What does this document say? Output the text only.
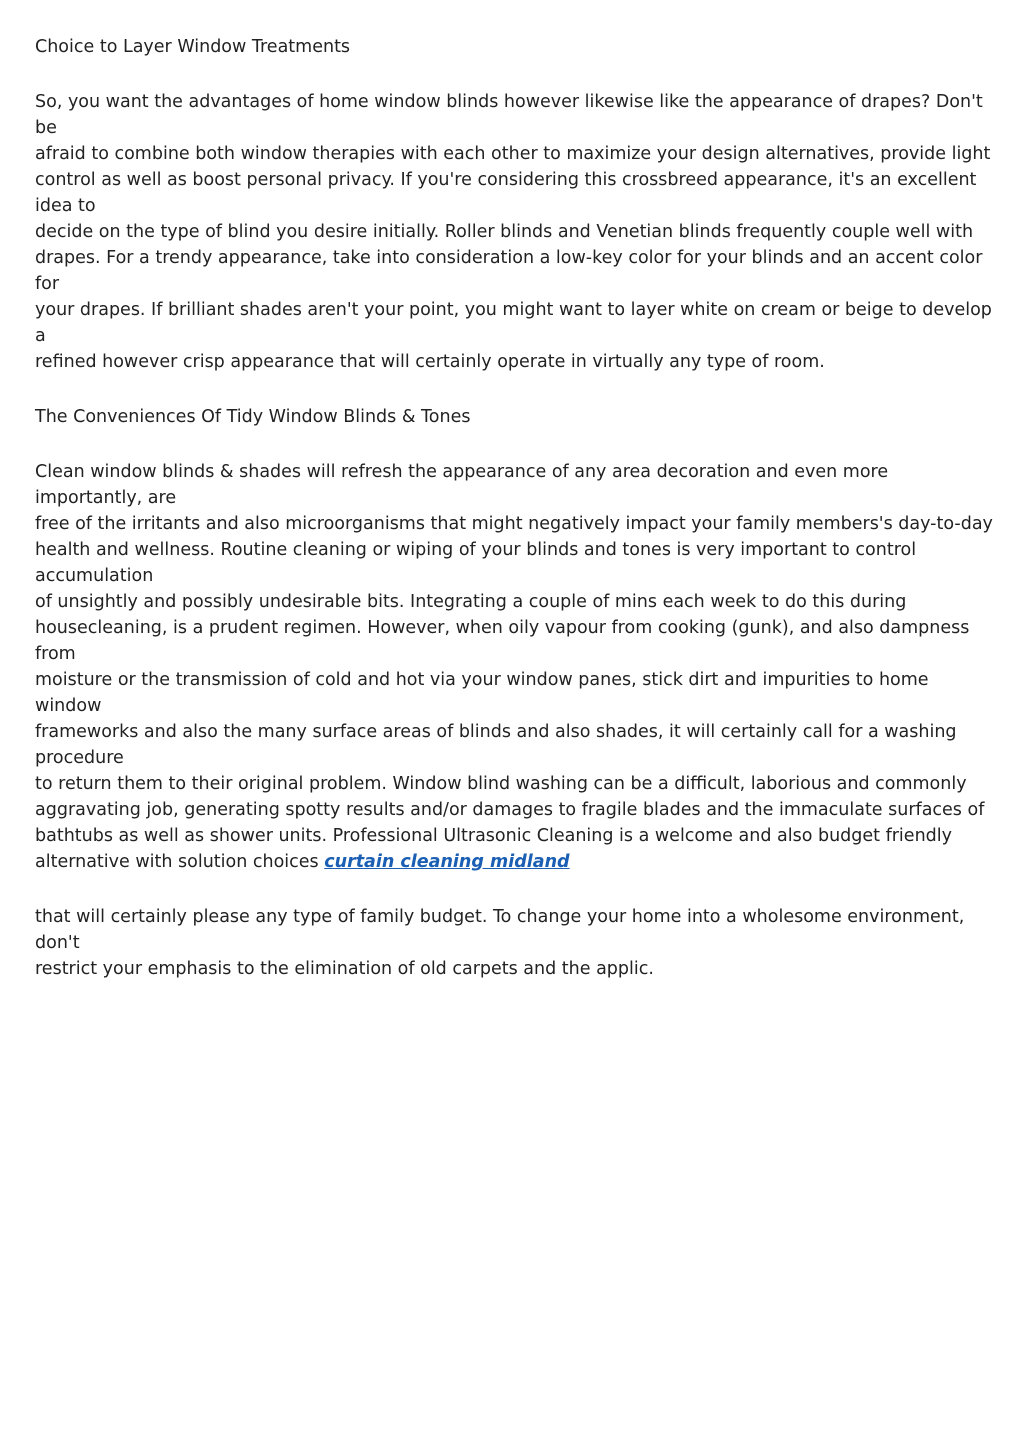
Choice to Layer Window Treatments

So, you want the advantages of home window blinds however likewise like the appearance of drapes? Don't be
afraid to combine both window therapies with each other to maximize your design alternatives, provide light
control as well as boost personal privacy. If you're considering this crossbreed appearance, it's an excellent idea to
decide on the type of blind you desire initially. Roller blinds and Venetian blinds frequently couple well with
drapes. For a trendy appearance, take into consideration a low-key color for your blinds and an accent color for
your drapes. If brilliant shades aren't your point, you might want to layer white on cream or beige to develop a
refined however crisp appearance that will certainly operate in virtually any type of room.

The Conveniences Of Tidy Window Blinds & Tones

Clean window blinds & shades will refresh the appearance of any area decoration and even more importantly, are
free of the irritants and also microorganisms that might negatively impact your family members's day-to-day
health and wellness. Routine cleaning or wiping of your blinds and tones is very important to control accumulation
of unsightly and possibly undesirable bits. Integrating a couple of mins each week to do this during
housecleaning, is a prudent regimen. However, when oily vapour from cooking (gunk), and also dampness from
moisture or the transmission of cold and hot via your window panes, stick dirt and impurities to home window
frameworks and also the many surface areas of blinds and also shades, it will certainly call for a washing procedure
to return them to their original problem. Window blind washing can be a difficult, laborious and commonly
aggravating job, generating spotty results and/or damages to fragile blades and the immaculate surfaces of
bathtubs as well as shower units. Professional Ultrasonic Cleaning is a welcome and also budget friendly
alternative with solution choices curtain cleaning midland

that will certainly please any type of family budget. To change your home into a wholesome environment, don't
restrict your emphasis to the elimination of old carpets and the applic.
